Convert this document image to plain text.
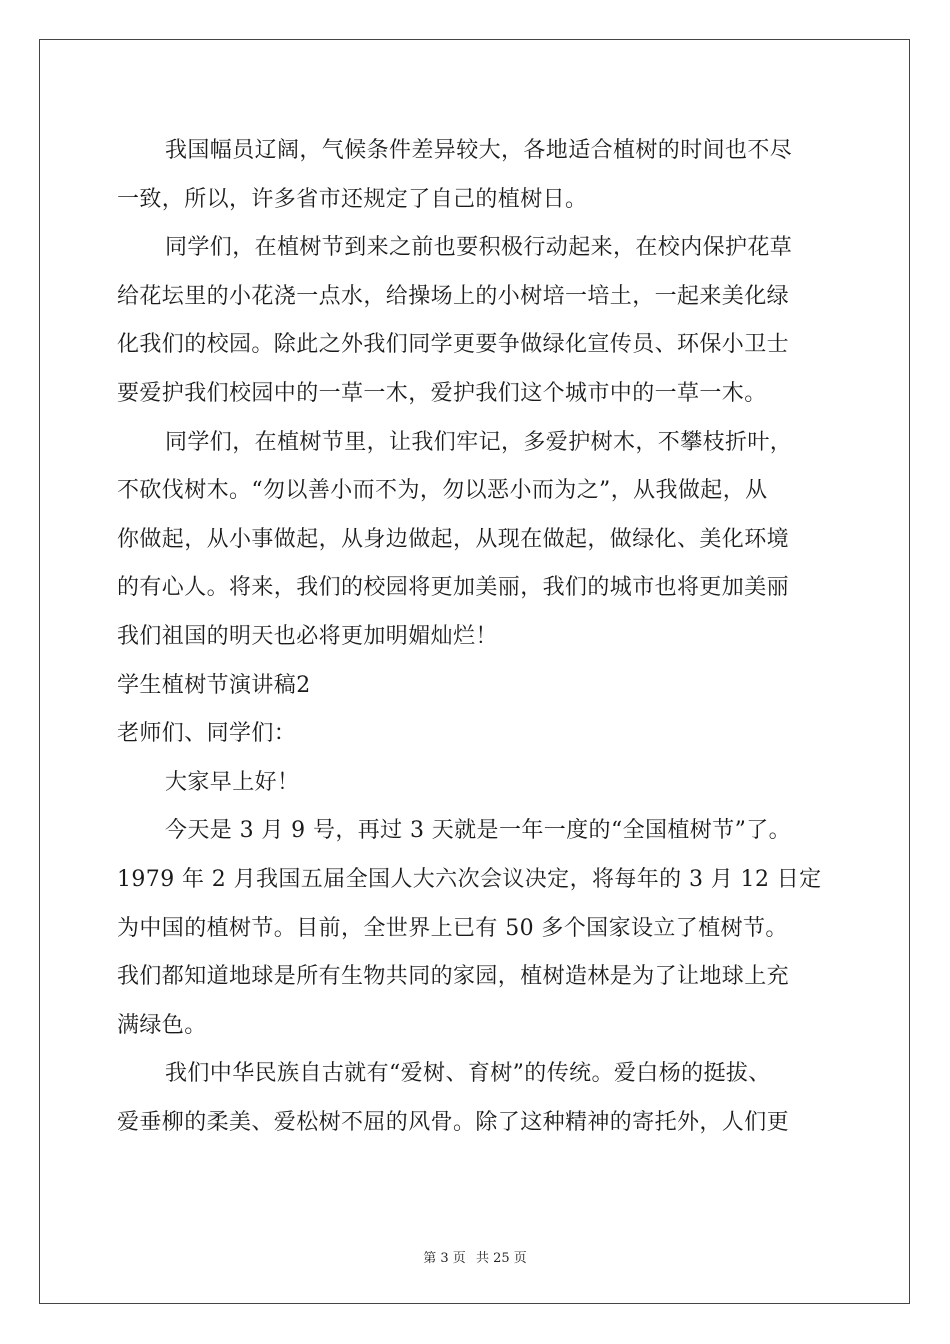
我国幅员辽阔，气候条件差异较大，各地适合植树的时间也不尽
一致，所以，许多省市还规定了自己的植树日。
同学们，在植树节到来之前也要积极行动起来，在校内保护花草
给花坛里的小花浇一点水，给操场上的小树培一培土，一起来美化绿
化我们的校园。除此之外我们同学更要争做绿化宣传员、环保小卫士
要爱护我们校园中的一草一木，爱护我们这个城市中的一草一木。
同学们，在植树节里，让我们牢记，多爱护树木，不攀枝折叶，
不砍伐树木。“勿以善小而不为，勿以恶小而为之”，从我做起，从
你做起，从小事做起，从身边做起，从现在做起，做绿化、美化环境
的有心人。将来，我们的校园将更加美丽，我们的城市也将更加美丽
我们祖国的明天也必将更加明媚灿烂！
学生植树节演讲稿2
老师们、同学们：
大家早上好！
今天是 3 月 9 号，再过 3 天就是一年一度的“全国植树节”了。
1979 年 2 月我国五届全国人大六次会议决定，将每年的 3 月 12 日定
为中国的植树节。目前，全世界上已有 50 多个国家设立了植树节。
我们都知道地球是所有生物共同的家园，植树造林是为了让地球上充
满绿色。
我们中华民族自古就有“爱树、育树”的传统。爱白杨的挺拔、
爱垂柳的柔美、爱松树不屈的风骨。除了这种精神的寄托外，人们更
第 3 页 共 25 页
